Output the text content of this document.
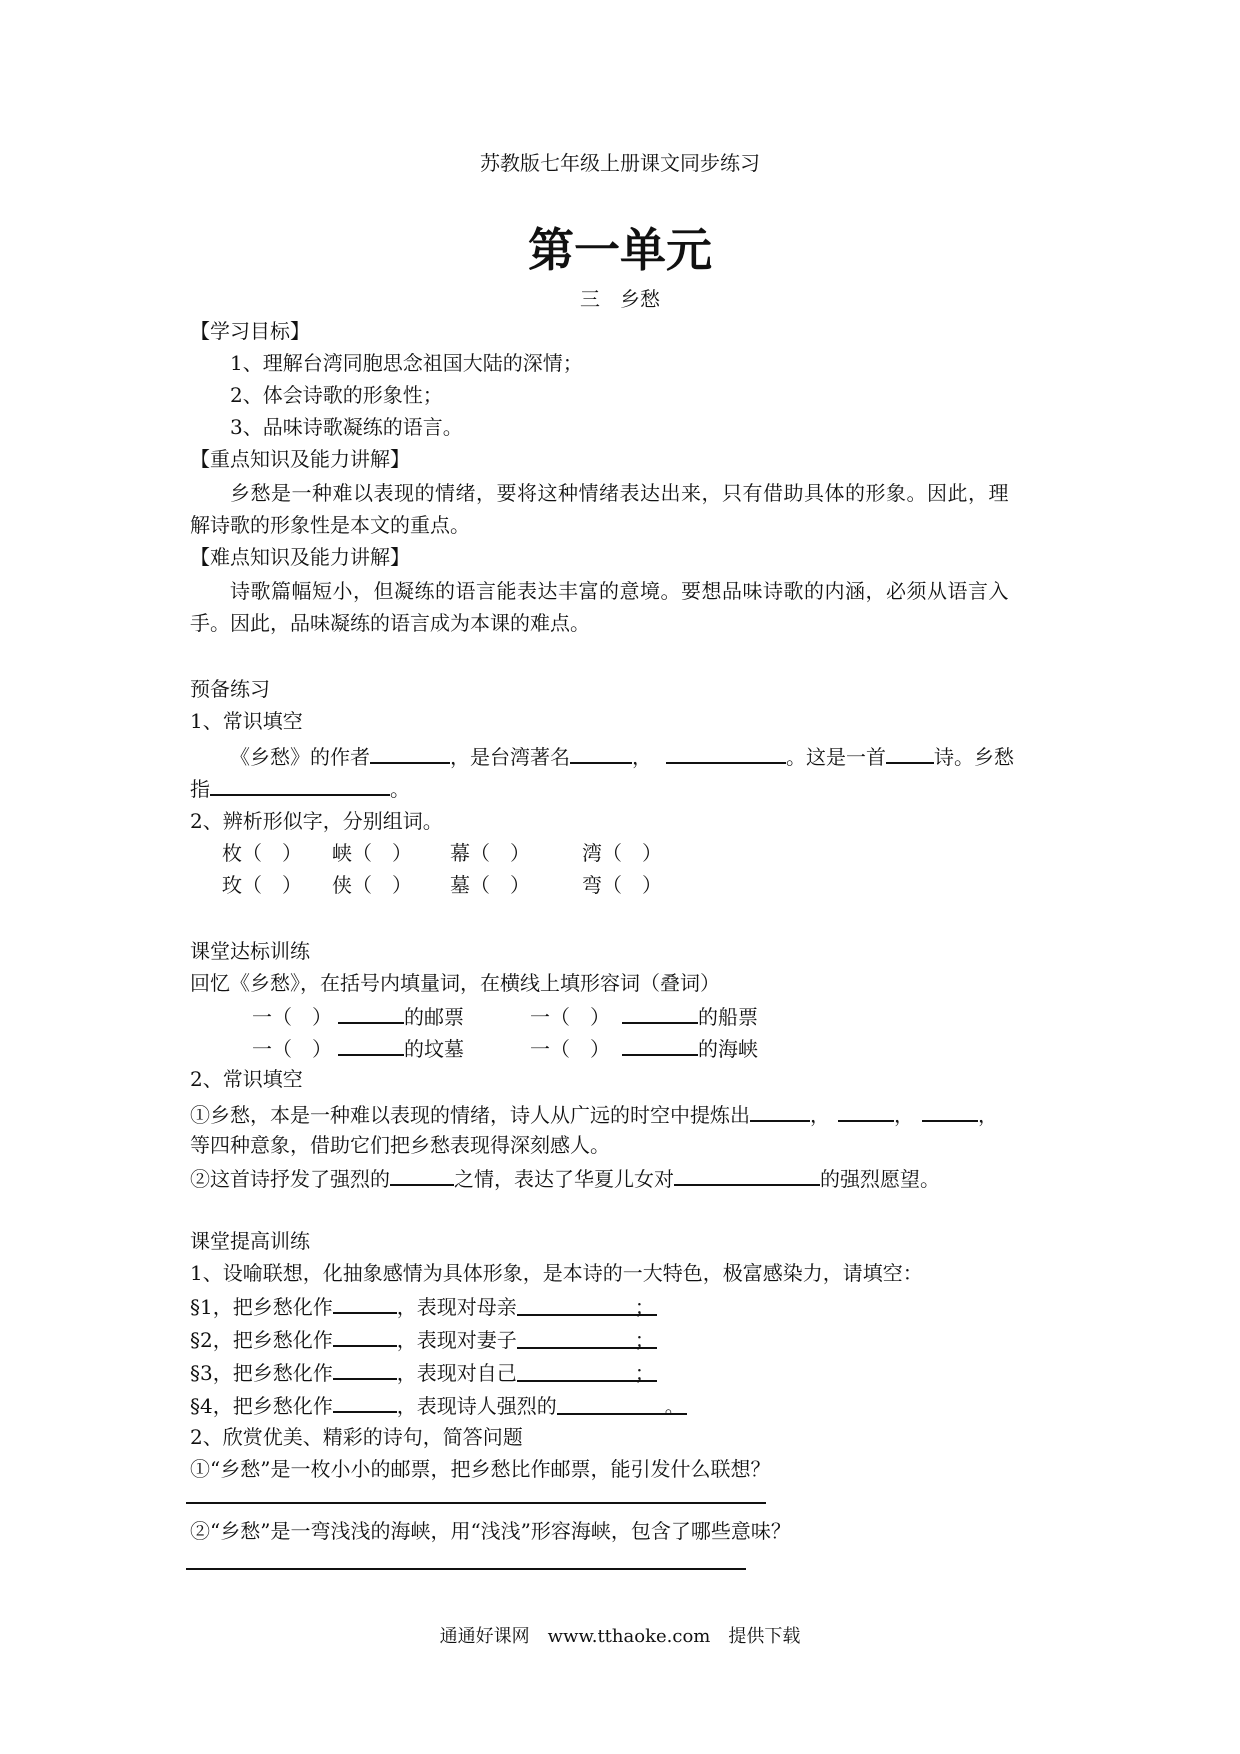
苏教版七年级上册课文同步练习
第一单元
三　乡愁
【学习目标】
1、理解台湾同胞思念祖国大陆的深情；
2、体会诗歌的形象性；
3、品味诗歌凝练的语言。
【重点知识及能力讲解】
乡愁是一种难以表现的情绪，要将这种情绪表达出来，只有借助具体的形象。因此，理
解诗歌的形象性是本文的重点。
【难点知识及能力讲解】
诗歌篇幅短小，但凝练的语言能表达丰富的意境。要想品味诗歌的内涵，必须从语言入
手。因此，品味凝练的语言成为本课的难点。
预备练习
1、常识填空
《乡愁》的作者	，是台湾著名	，	。这是一首 诗。乡愁
指	。
2、辨析形似字，分别组词。
枚（　） 峡（　） 幕（　）	湾（　）
玫（　） 侠（　） 墓（　）	弯（　）
课堂达标训练
回忆《乡愁》，在括号内填量词，在横线上填形容词（叠词）
一（　）	的邮票	一（　）	的船票
一（　）	的坟墓	一（　）	的海峡
2、常识填空
①乡愁，本是一种难以表现的情绪，诗人从广远的时空中提炼出	，	，	，
等四种意象，借助它们把乡愁表现得深刻感人。
②这首诗抒发了强烈的	之情，表达了华夏儿女对	的强烈愿望。
课堂提高训练
1、设喻联想，化抽象感情为具体形象，是本诗的一大特色，极富感染力，请填空：
§1，把乡愁化作	，表现对母亲	；
§2，把乡愁化作	，表现对妻子	；
§3，把乡愁化作	，表现对自己	；
§4，把乡愁化作	，表现诗人强烈的	。
2、欣赏优美、精彩的诗句，简答问题
①“乡愁”是一枚小小的邮票，把乡愁比作邮票，能引发什么联想？
②“乡愁”是一弯浅浅的海峡，用“浅浅”形容海峡，包含了哪些意味？
通通好课网　www.tthaoke.com　提供下载
